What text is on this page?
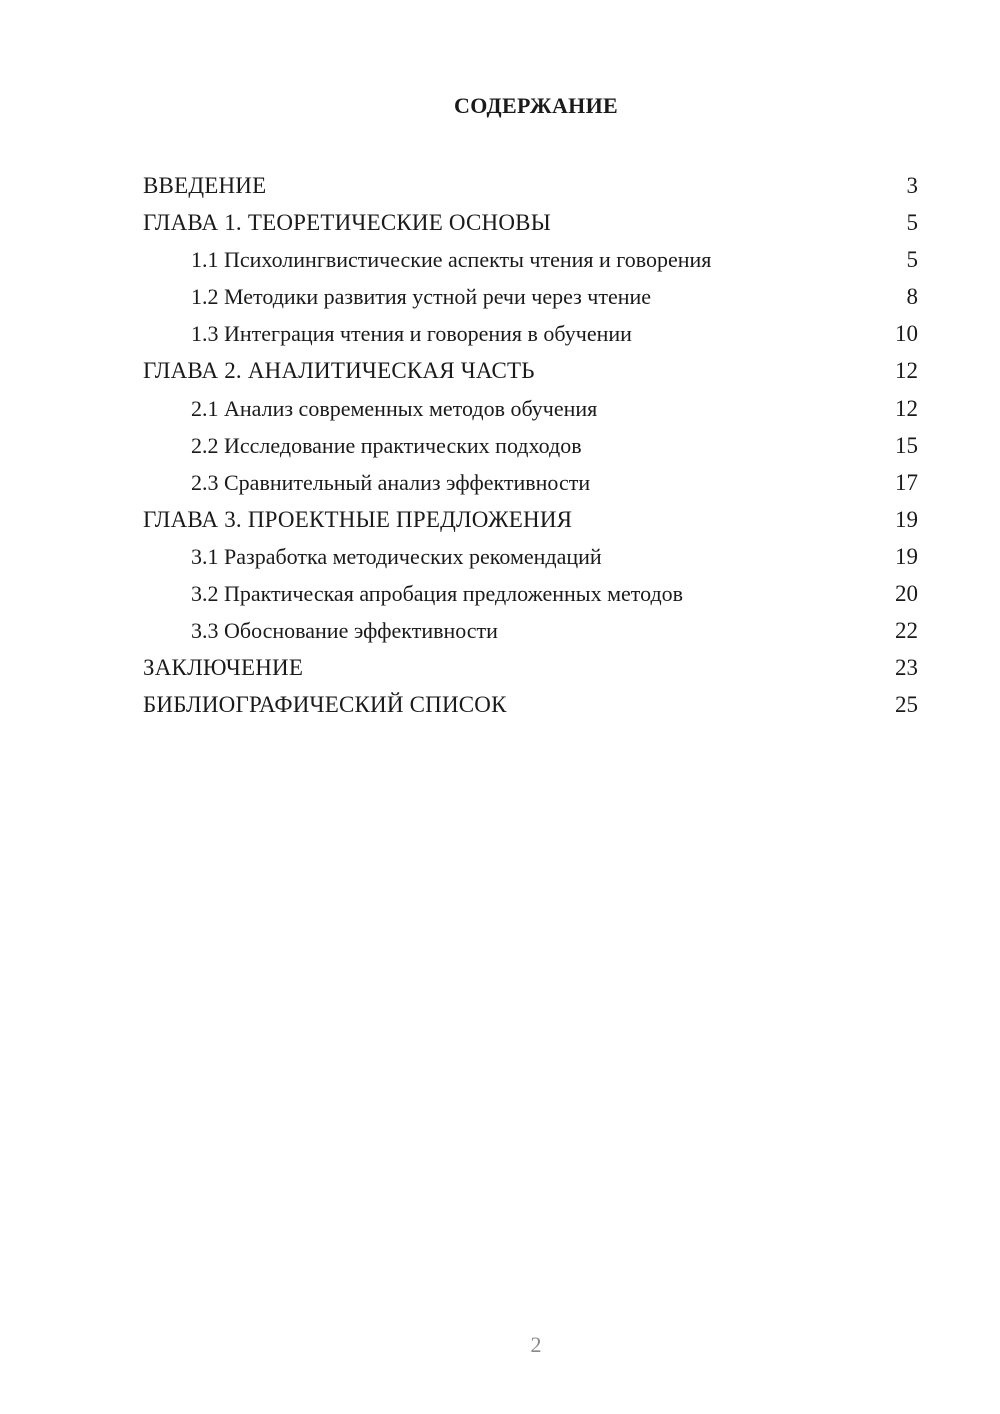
СОДЕРЖАНИЕ
ВВЕДЕНИЕ	3
ГЛАВА 1. ТЕОРЕТИЧЕСКИЕ ОСНОВЫ	5
1.1 Психолингвистические аспекты чтения и говорения	5
1.2 Методики развития устной речи через чтение	8
1.3 Интеграция чтения и говорения в обучении	10
ГЛАВА 2. АНАЛИТИЧЕСКАЯ ЧАСТЬ	12
2.1 Анализ современных методов обучения	12
2.2 Исследование практических подходов	15
2.3 Сравнительный анализ эффективности	17
ГЛАВА 3. ПРОЕКТНЫЕ ПРЕДЛОЖЕНИЯ	19
3.1 Разработка методических рекомендаций	19
3.2 Практическая апробация предложенных методов	20
3.3 Обоснование эффективности	22
ЗАКЛЮЧЕНИЕ	23
БИБЛИОГРАФИЧЕСКИЙ СПИСОК	25
2
